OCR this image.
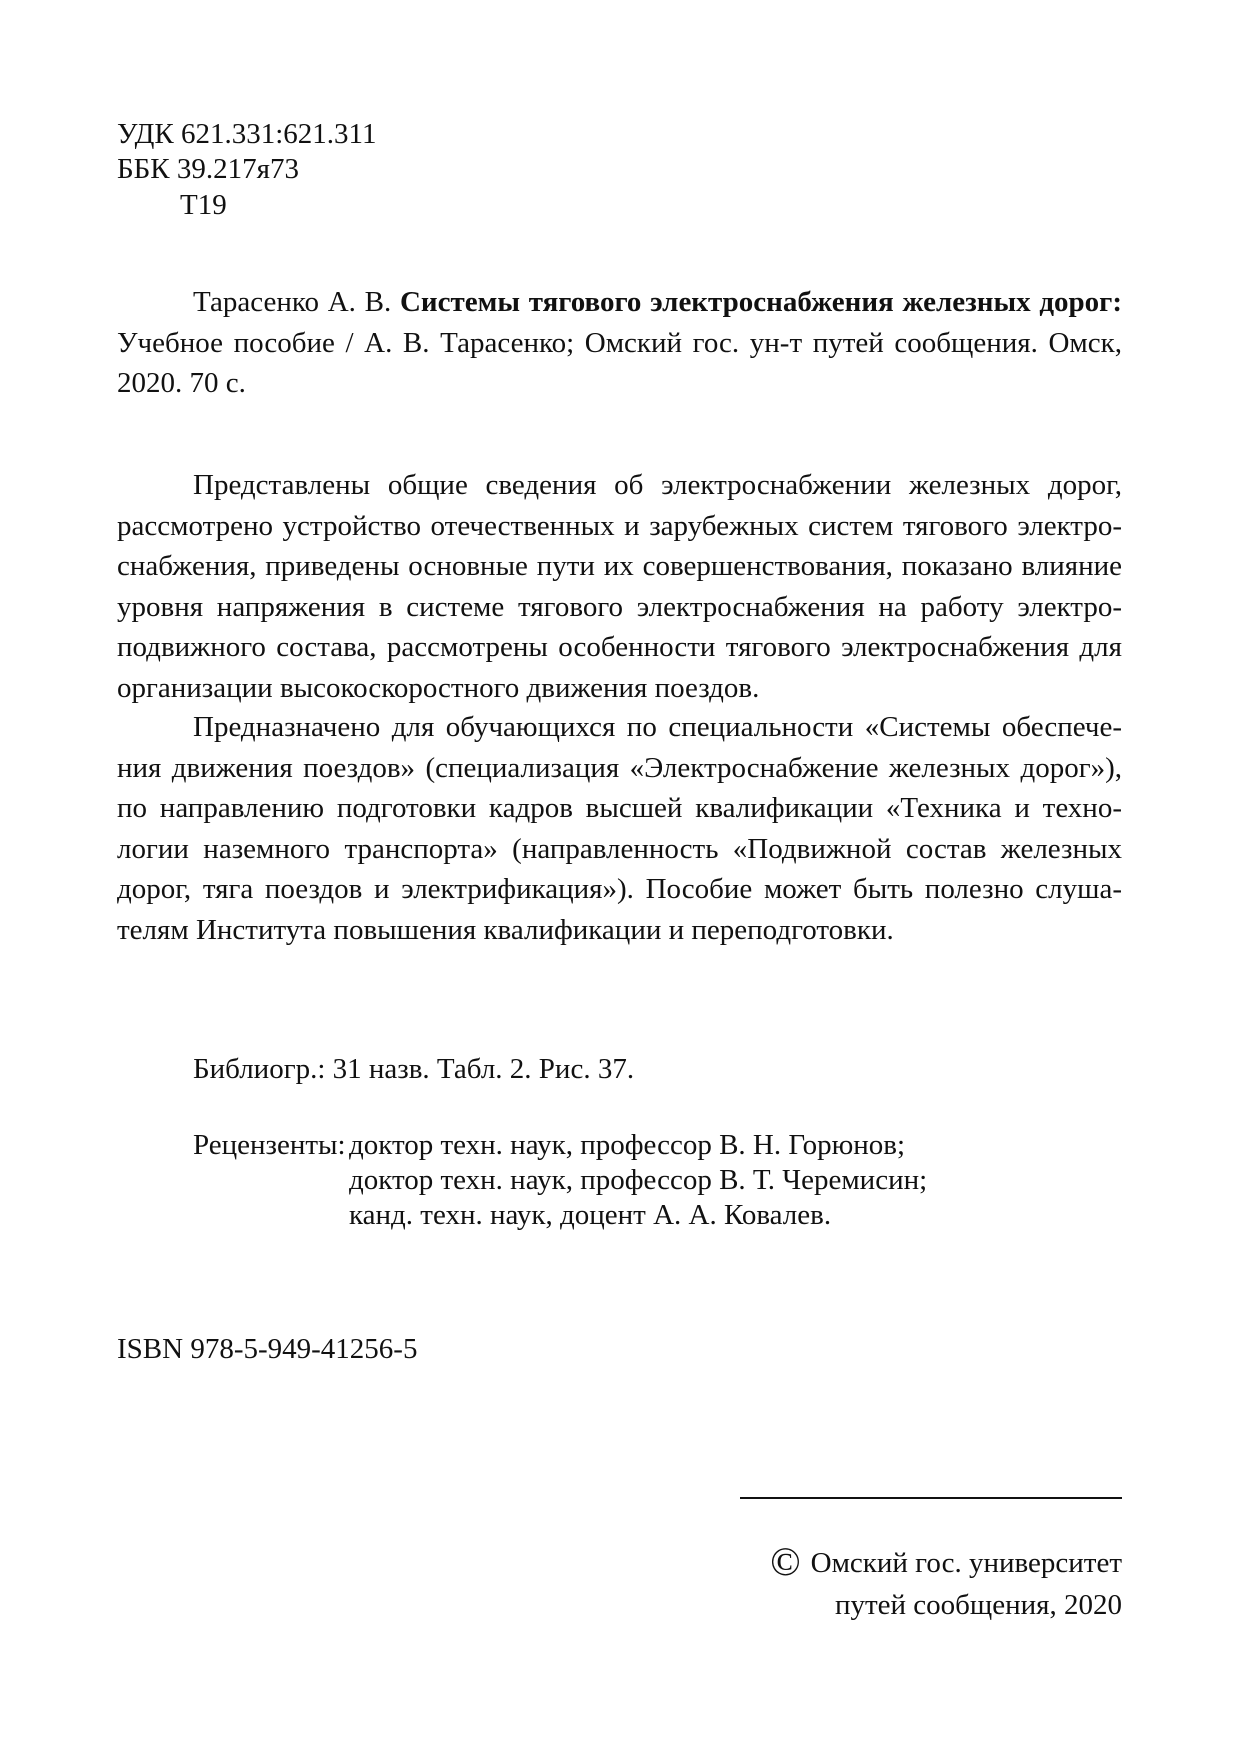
УДК 621.331:621.311

ББК 39.217я73

Т19

Тарасенко А. В. Системы тягового электроснабжения железных дорог:
Учебное пособие / А. В. Тарасенко; Омский гос. ун-т путей сообщения. Омск,
2020. 70 с.
Представлены общие сведения об электроснабжении железных дорог,
рассмотрено устройство отечественных и зарубежных систем тягового электро-
снабжения, приведены основные пути их совершенствования, показано влияние
уровня напряжения в системе тягового электроснабжения на работу электро-
подвижного состава, рассмотрены особенности тягового электроснабжения для
организации высокоскоростного движения поездов.
Предназначено для обучающихся по специальности «Системы обеспече-
ния движения поездов» (специализация «Электроснабжение железных дорог»),
по направлению подготовки кадров высшей квалификации «Техника и техно-
логии наземного транспорта» (направленность «Подвижной состав железных
дорог, тяга поездов и электрификация»). Пособие может быть полезно слуша-
телям Института повышения квалификации и переподготовки.

Библиогр.: 31 назв. Табл. 2. Рис. 37.

Рецензенты: доктор техн. наук, профессор В. Н. Горюнов;

доктор техн. наук, профессор В. Т. Черемисин;

канд. техн. наук, доцент А. А. Ковалев.

ISBN 978-5-949-41256-5

© Омский гос. университет

путей сообщения, 2020
